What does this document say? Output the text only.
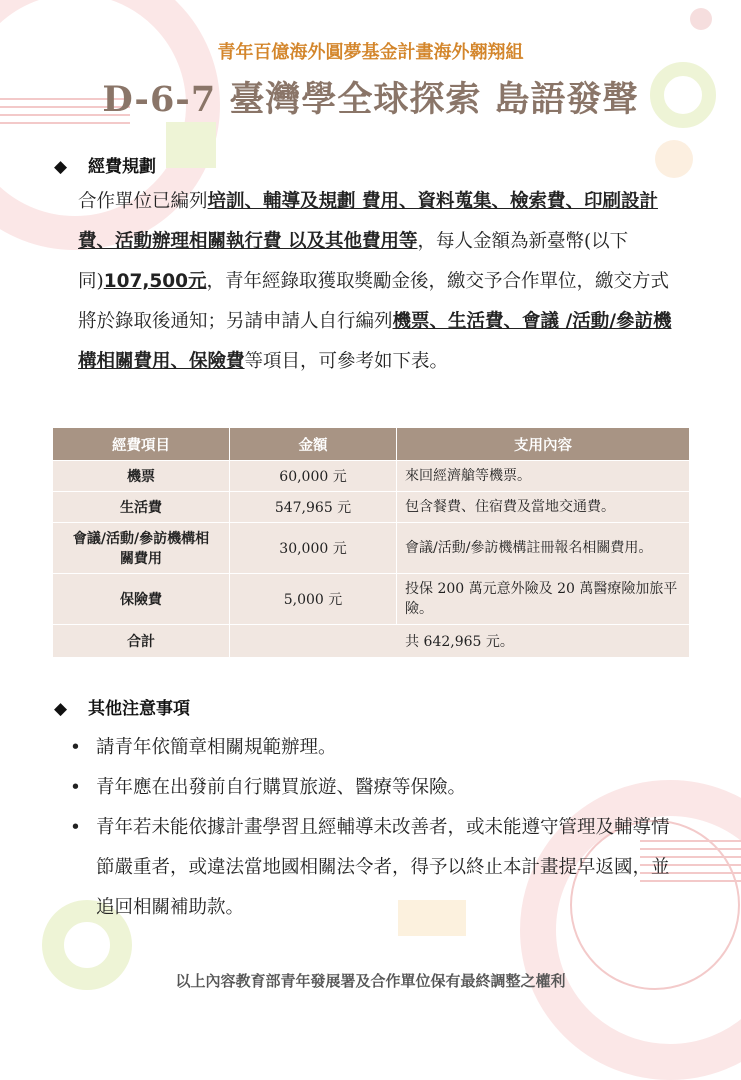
青年百億海外圓夢基金計畫海外翱翔組
D-6-7 臺灣學全球探索 島語發聲
◆ 經費規劃
合作單位已編列培訓、輔導及規劃 費用、資料蒐集、檢索費、印刷設計費、活動辦理相關執行費 以及其他費用等，每人金額為新臺幣(以下同)107,500元，青年經錄取獲取獎勵金後，繳交予合作單位，繳交方式將於錄取後通知；另請申請人自行編列機票、生活費、會議 /活動/參訪機構相關費用、保險費等項目，可參考如下表。
經費項目	金額	支用內容
機票	60,000 元	來回經濟艙等機票。
生活費	547,965 元	包含餐費、住宿費及當地交通費。
會議/活動/參訪機構相關費用	30,000 元	會議/活動/參訪機構註冊報名相關費用。
保險費	5,000 元	投保 200 萬元意外險及 20 萬醫療險加旅平險。
合計	共 642,965 元。	
◆ 其他注意事項
• 請青年依簡章相關規範辦理。
• 青年應在出發前自行購買旅遊、醫療等保險。
• 青年若未能依據計畫學習且經輔導未改善者，或未能遵守管理及輔導情節嚴重者，或違法當地國相關法令者，得予以終止本計畫提早返國，並追回相關補助款。
以上內容教育部青年發展署及合作單位保有最終調整之權利
